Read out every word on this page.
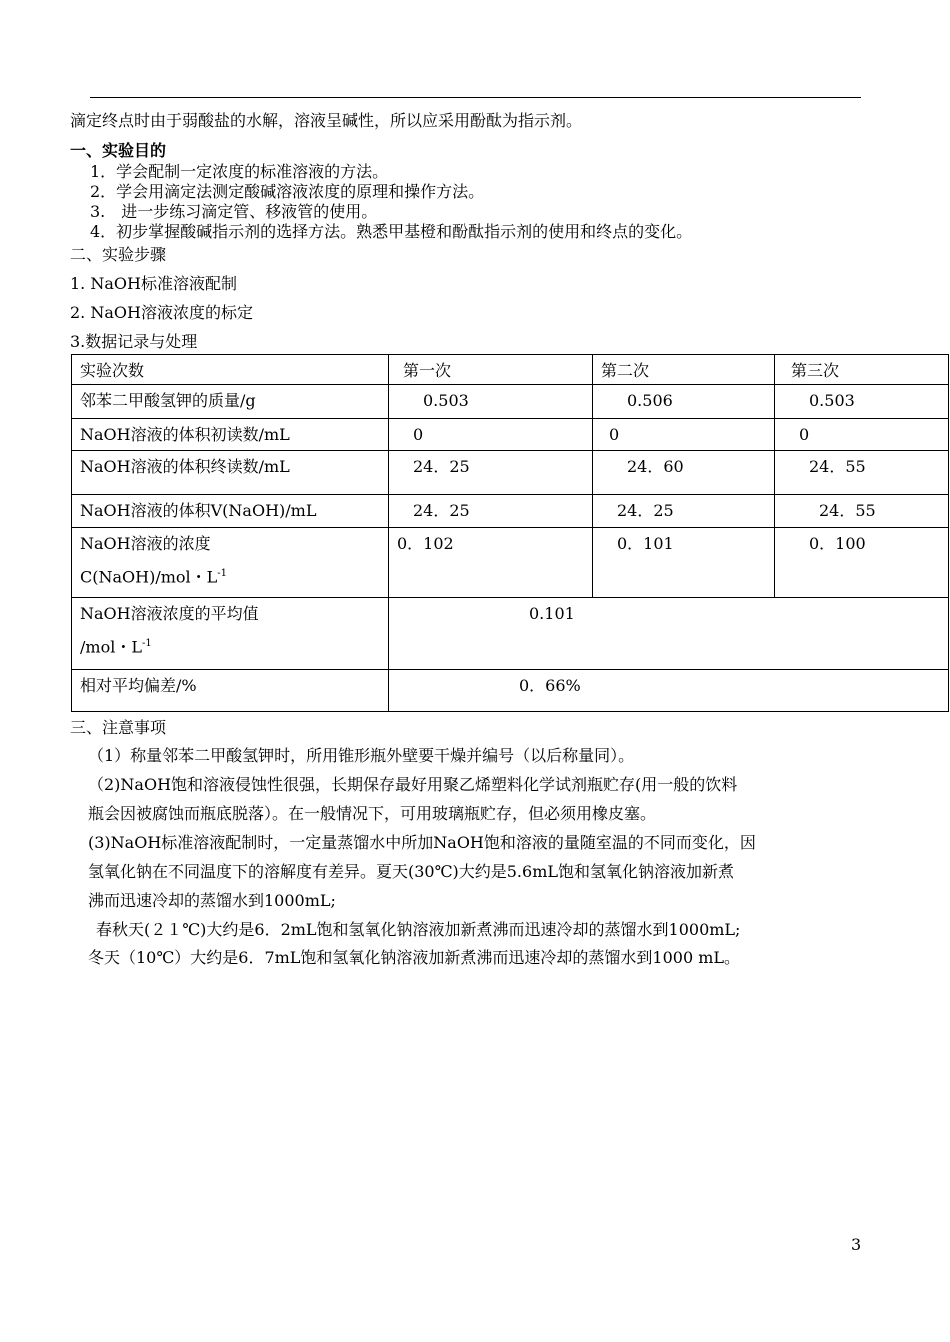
滴定终点时由于弱酸盐的水解，溶液呈碱性，所以应采用酚酞为指示剂。
一、实验目的
1．学会配制一定浓度的标准溶液的方法。
2．学会用滴定法测定酸碱溶液浓度的原理和操作方法。
3.　进一步练习滴定管、移液管的使用。
4．初步掌握酸碱指示剂的选择方法。熟悉甲基橙和酚酞指示剂的使用和终点的变化。
二、实验步骤
1. NaOH标准溶液配制
2. NaOH溶液浓度的标定
3.数据记录与处理
实验次数	第一次	第二次	第三次
邻苯二甲酸氢钾的质量/g	0.503	0.506	0.503
NaOH溶液的体积初读数/mL	0	0	0
NaOH溶液的体积终读数/mL	24．25	24．60	24．55
NaOH溶液的体积V(NaOH)/mL	24．25	24．25	24．55

NaOH溶液的浓度
C(NaOH)/mol・$L^{-1}$	0．102	0．101	0．100

NaOH溶液浓度的平均值
/mol・$L^{-1}$	0.101		
相对平均偏差/%	0．66%		
三、注意事项
（1）称量邻苯二甲酸氢钾时，所用锥形瓶外壁要干燥并编号（以后称量同）。
（2)NaOH饱和溶液侵蚀性很强，长期保存最好用聚乙烯塑料化学试剂瓶贮存(用一般的饮料
瓶会因被腐蚀而瓶底脱落）。在一般情况下，可用玻璃瓶贮存，但必须用橡皮塞。
(3)NaOH标准溶液配制时，一定量蒸馏水中所加NaOH饱和溶液的量随室温的不同而变化，因
氢氧化钠在不同温度下的溶解度有差异。夏天(30℃)大约是5.6mL饱和氢氧化钠溶液加新煮
沸而迅速冷却的蒸馏水到1000mL;
春秋天(２１℃)大约是6．2mL饱和氢氧化钠溶液加新煮沸而迅速冷却的蒸馏水到1000mL;
冬天（10℃）大约是6．7mL饱和氢氧化钠溶液加新煮沸而迅速冷却的蒸馏水到1000 mL。
3
